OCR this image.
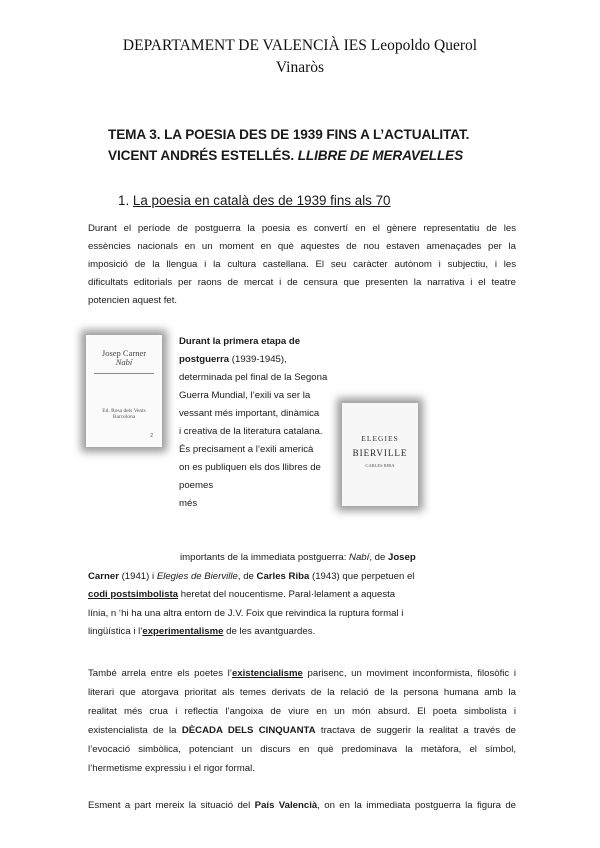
DEPARTAMENT DE VALENCIÀ IES Leopoldo Querol
Vinaròs
TEMA 3. LA POESIA DES DE 1939 FINS A L’ACTUALITAT.
VICENT ANDRÉS ESTELLÉS. LLIBRE DE MERAVELLES
1. La poesia en català des de 1939 fins als 70
Durant el període de postguerra la poesia es convertí en el gènere representatiu de les
essències nacionals en un moment en què aquestes de nou estaven amenaçades per la
imposició de la llengua i la cultura castellana. El seu caràcter autònom i subjectiu, i les
dificultats editorials per raons de mercat i de censura que presenten la narrativa i el teatre
potencien aquest fet.
Josep Carner
Nabí
Ed. Rosa dels Vents
Barcelona
2
Durant la primera etapa de
postguerra (1939-1945),
determinada pel final de la Segona
Guerra Mundial, l’exili va ser la
vessant més important, dinàmica
i creativa de la literatura catalana.
És precisament a l’exili americà
on es publiquen els dos llibres de
poemes
més
ELEGIES
BIERVILLE
CARLES RIBA
importants de la immediata postguerra: Nabí, de Josep
Carner (1941) i Elegies de Bierville, de Carles Riba (1943) que perpetuen el
codi postsimbolista heretat del noucentisme. Paral·lelament a aquesta
línia, n ‘hi ha una altra entorn de J.V. Foix que reivindica la ruptura formal i
lingüística i l’experimentalisme de les avantguardes.
També arrela entre els poetes l’existencialisme parisenc, un moviment inconformista, filosòfic i
literari que atorgava prioritat als temes derivats de la relació de la persona humana amb la
realitat més crua i reflectia l’angoixa de viure en un món absurd. El poeta simbolista i
existencialista de la DÈCADA DELS CINQUANTA tractava de suggerir la realitat a través de
l’evocació simbòlica, potenciant un discurs en què predominava la metàfora, el símbol,
l’hermetisme expressiu i el rigor formal.
Esment a part mereix la situació del País Valencià, on en la immediata postguerra la figura de
